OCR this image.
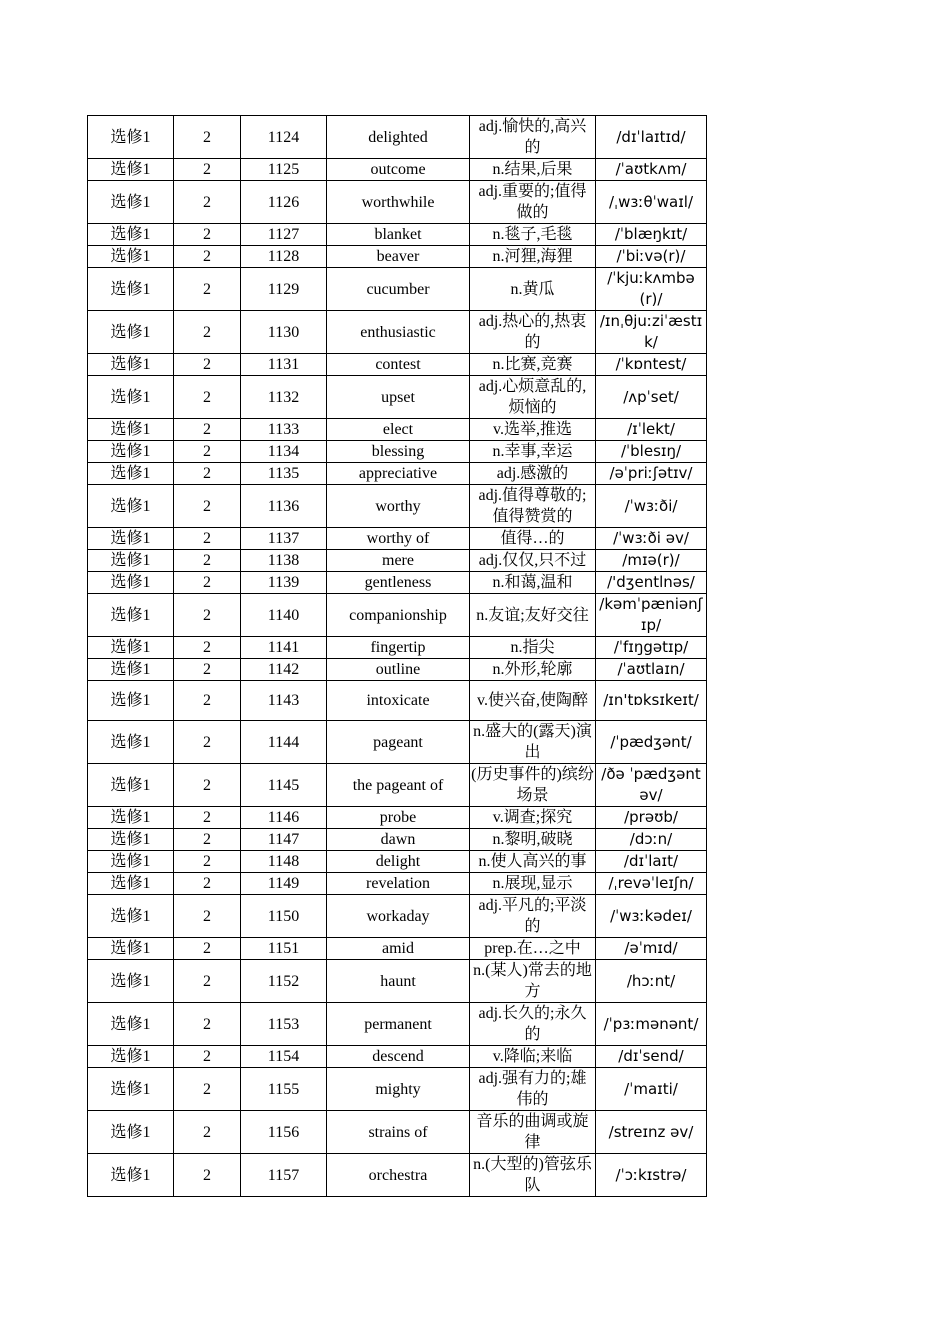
选修1	2	1124	delighted	adj.愉快的,高兴的	/dɪˈlaɪtɪd/
选修1	2	1125	outcome	n.结果,后果	/ˈaʊtkʌm/
选修1	2	1126	worthwhile	adj.重要的;值得做的	/ˌwɜːθˈwaɪl/
选修1	2	1127	blanket	n.毯子,毛毯	/ˈblæŋkɪt/
选修1	2	1128	beaver	n.河狸,海狸	/ˈbiːvə(r)/
选修1	2	1129	cucumber	n.黄瓜	/ˈkjuːkʌmbə(r)/
选修1	2	1130	enthusiastic	adj.热心的,热衷的	/ɪnˌθjuːziˈæstɪk/
选修1	2	1131	contest	n.比赛,竞赛	/ˈkɒntest/
选修1	2	1132	upset	adj.心烦意乱的,烦恼的	/ʌpˈset/
选修1	2	1133	elect	v.选举,推选	/ɪˈlekt/
选修1	2	1134	blessing	n.幸事,幸运	/ˈblesɪŋ/
选修1	2	1135	appreciative	adj.感激的	/əˈpriːʃətɪv/
选修1	2	1136	worthy	adj.值得尊敬的;值得赞赏的	/ˈwɜːði/
选修1	2	1137	worthy of	值得…的	/ˈwɜːði əv/
选修1	2	1138	mere	adj.仅仅,只不过	/mɪə(r)/
选修1	2	1139	gentleness	n.和蔼,温和	/'dʒentlnəs/
选修1	2	1140	companionship	n.友谊;友好交往	/kəmˈpæniənʃɪp/
选修1	2	1141	fingertip	n.指尖	/ˈfɪŋgətɪp/
选修1	2	1142	outline	n.外形,轮廓	/ˈaʊtlaɪn/
选修1	2	1143	intoxicate	v.使兴奋,使陶醉	/ɪn'tɒksɪkeɪt/
选修1	2	1144	pageant	n.盛大的(露天)演出	/ˈpædʒənt/
选修1	2	1145	the pageant of	(历史事件的)缤纷场景	/ðə ˈpædʒənt əv/
选修1	2	1146	probe	v.调查;探究	/prəʊb/
选修1	2	1147	dawn	n.黎明,破晓	/dɔːn/
选修1	2	1148	delight	n.使人高兴的事	/dɪˈlaɪt/
选修1	2	1149	revelation	n.展现,显示	/ˌrevəˈleɪʃn/
选修1	2	1150	workaday	adj.平凡的;平淡的	/ˈwɜːkədeɪ/
选修1	2	1151	amid	prep.在…之中	/əˈmɪd/
选修1	2	1152	haunt	n.(某人)常去的地方	/hɔːnt/
选修1	2	1153	permanent	adj.长久的;永久的	/ˈpɜːmənənt/
选修1	2	1154	descend	v.降临;来临	/dɪˈsend/
选修1	2	1155	mighty	adj.强有力的;雄伟的	/ˈmaɪti/
选修1	2	1156	strains of	音乐的曲调或旋律	/streɪnz əv/
选修1	2	1157	orchestra	n.(大型的)管弦乐队	/ˈɔːkɪstrə/
